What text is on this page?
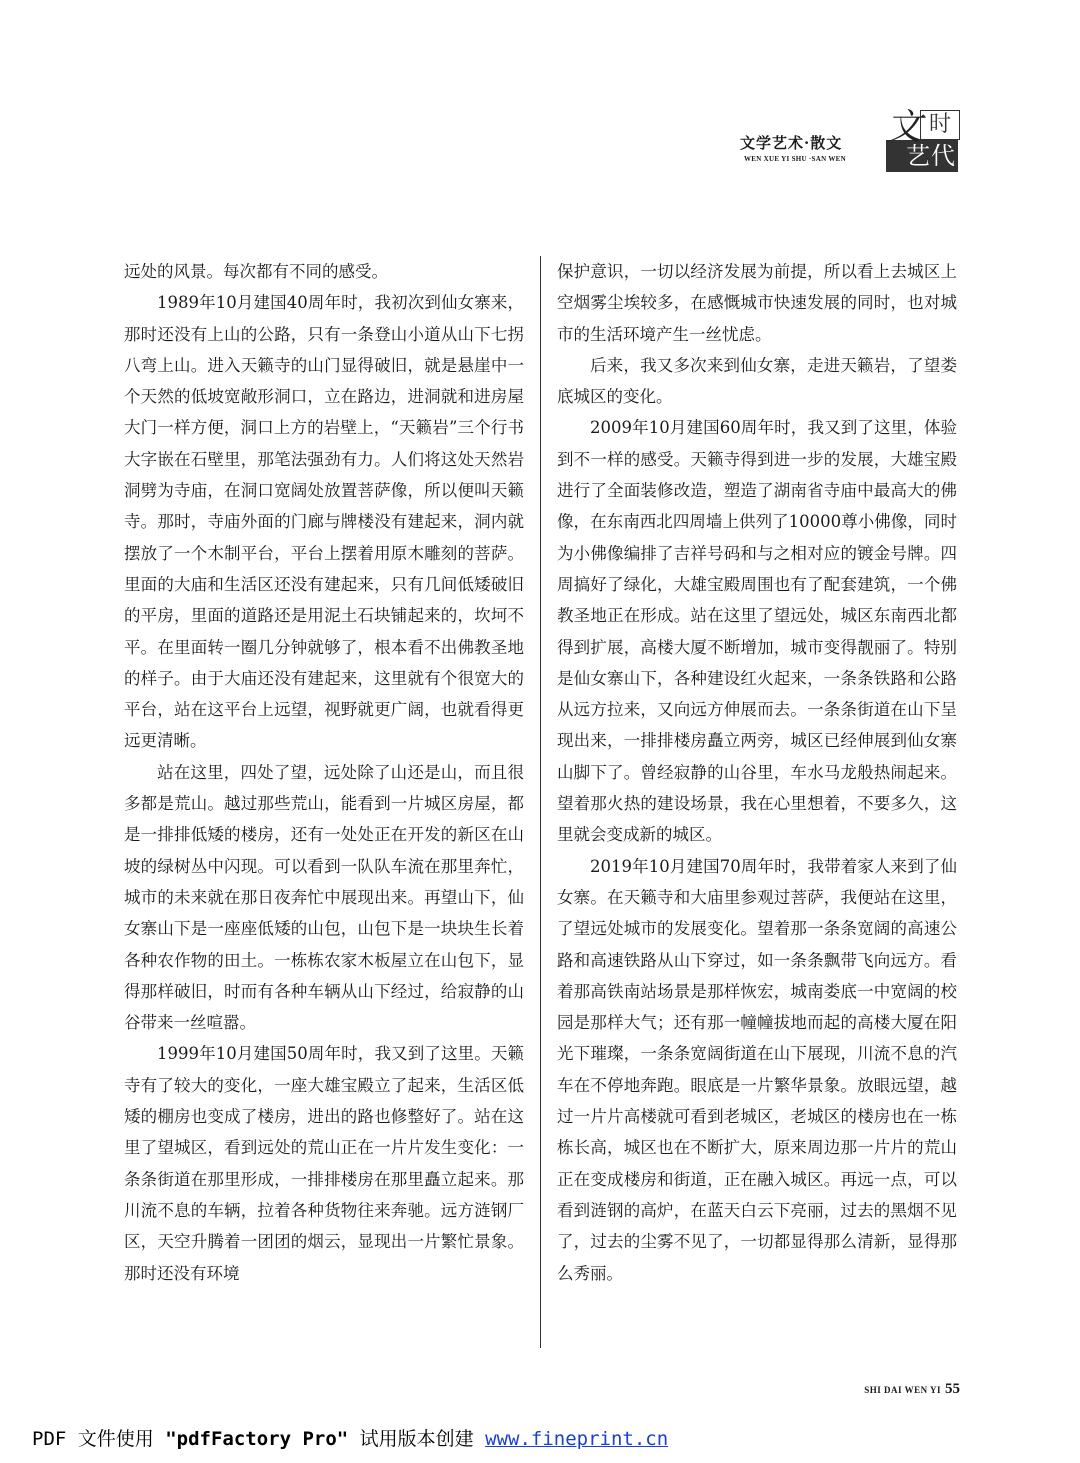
文学艺术·散文
WEN XUE YI SHU ·SAN WEN	艺代
时
文

远处的风景。每次都有不同的感受。

1989年10月建国40周年时，我初次到仙女寨来，那时还没有上山的公路，只有一条登山小道从山下七拐八弯上山。进入天籁寺的山门显得破旧，就是悬崖中一个天然的低坡宽敞形洞口，立在路边，进洞就和进房屋大门一样方便，洞口上方的岩壁上，“天籁岩”三个行书大字嵌在石壁里，那笔法强劲有力。人们将这处天然岩洞劈为寺庙，在洞口宽阔处放置菩萨像，所以便叫天籁寺。那时，寺庙外面的门廊与牌楼没有建起来，洞内就摆放了一个木制平台，平台上摆着用原木雕刻的菩萨。里面的大庙和生活区还没有建起来，只有几间低矮破旧的平房，里面的道路还是用泥土石块铺起来的，坎坷不平。在里面转一圈几分钟就够了，根本看不出佛教圣地的样子。由于大庙还没有建起来，这里就有个很宽大的平台，站在这平台上远望，视野就更广阔，也就看得更远更清晰。

站在这里，四处了望，远处除了山还是山，而且很多都是荒山。越过那些荒山，能看到一片城区房屋，都是一排排低矮的楼房，还有一处处正在开发的新区在山坡的绿树丛中闪现。可以看到一队队车流在那里奔忙，城市的未来就在那日夜奔忙中展现出来。再望山下，仙女寨山下是一座座低矮的山包，山包下是一块块生长着各种农作物的田土。一栋栋农家木板屋立在山包下，显得那样破旧，时而有各种车辆从山下经过，给寂静的山谷带来一丝喧嚣。

1999年10月建国50周年时，我又到了这里。天籁寺有了较大的变化，一座大雄宝殿立了起来，生活区低矮的棚房也变成了楼房，进出的路也修整好了。站在这里了望城区，看到远处的荒山正在一片片发生变化：一条条街道在那里形成，一排排楼房在那里矗立起来。那川流不息的车辆，拉着各种货物往来奔驰。远方涟钢厂区，天空升腾着一团团的烟云，显现出一片繁忙景象。那时还没有环境

保护意识，一切以经济发展为前提，所以看上去城区上空烟雾尘埃较多，在感慨城市快速发展的同时，也对城市的生活环境产生一丝忧虑。

后来，我又多次来到仙女寨，走进天籁岩，了望娄底城区的变化。

2009年10月建国60周年时，我又到了这里，体验到不一样的感受。天籁寺得到进一步的发展，大雄宝殿进行了全面装修改造，塑造了湖南省寺庙中最高大的佛像，在东南西北四周墙上供列了10000尊小佛像，同时为小佛像编排了吉祥号码和与之相对应的镀金号牌。四周搞好了绿化，大雄宝殿周围也有了配套建筑，一个佛教圣地正在形成。站在这里了望远处，城区东南西北都得到扩展，高楼大厦不断增加，城市变得靓丽了。特别是仙女寨山下，各种建设红火起来，一条条铁路和公路从远方拉来，又向远方伸展而去。一条条街道在山下呈现出来，一排排楼房矗立两旁，城区已经伸展到仙女寨山脚下了。曾经寂静的山谷里，车水马龙般热闹起来。望着那火热的建设场景，我在心里想着，不要多久，这里就会变成新的城区。

2019年10月建国70周年时，我带着家人来到了仙女寨。在天籁寺和大庙里参观过菩萨，我便站在这里，了望远处城市的发展变化。望着那一条条宽阔的高速公路和高速铁路从山下穿过，如一条条飘带飞向远方。看着那高铁南站场景是那样恢宏，城南娄底一中宽阔的校园是那样大气；还有那一幢幢拔地而起的高楼大厦在阳光下璀璨，一条条宽阔街道在山下展现，川流不息的汽车在不停地奔跑。眼底是一片繁华景象。放眼远望，越过一片片高楼就可看到老城区，老城区的楼房也在一栋栋长高，城区也在不断扩大，原来周边那一片片的荒山正在变成楼房和街道，正在融入城区。再远一点，可以看到涟钢的高炉，在蓝天白云下亮丽，过去的黑烟不见了，过去的尘雾不见了，一切都显得那么清新，显得那么秀丽。

SHI DAI WEN YI 55
PDF 文件使用 "pdfFactory Pro" 试用版本创建 www.fineprint.cn
